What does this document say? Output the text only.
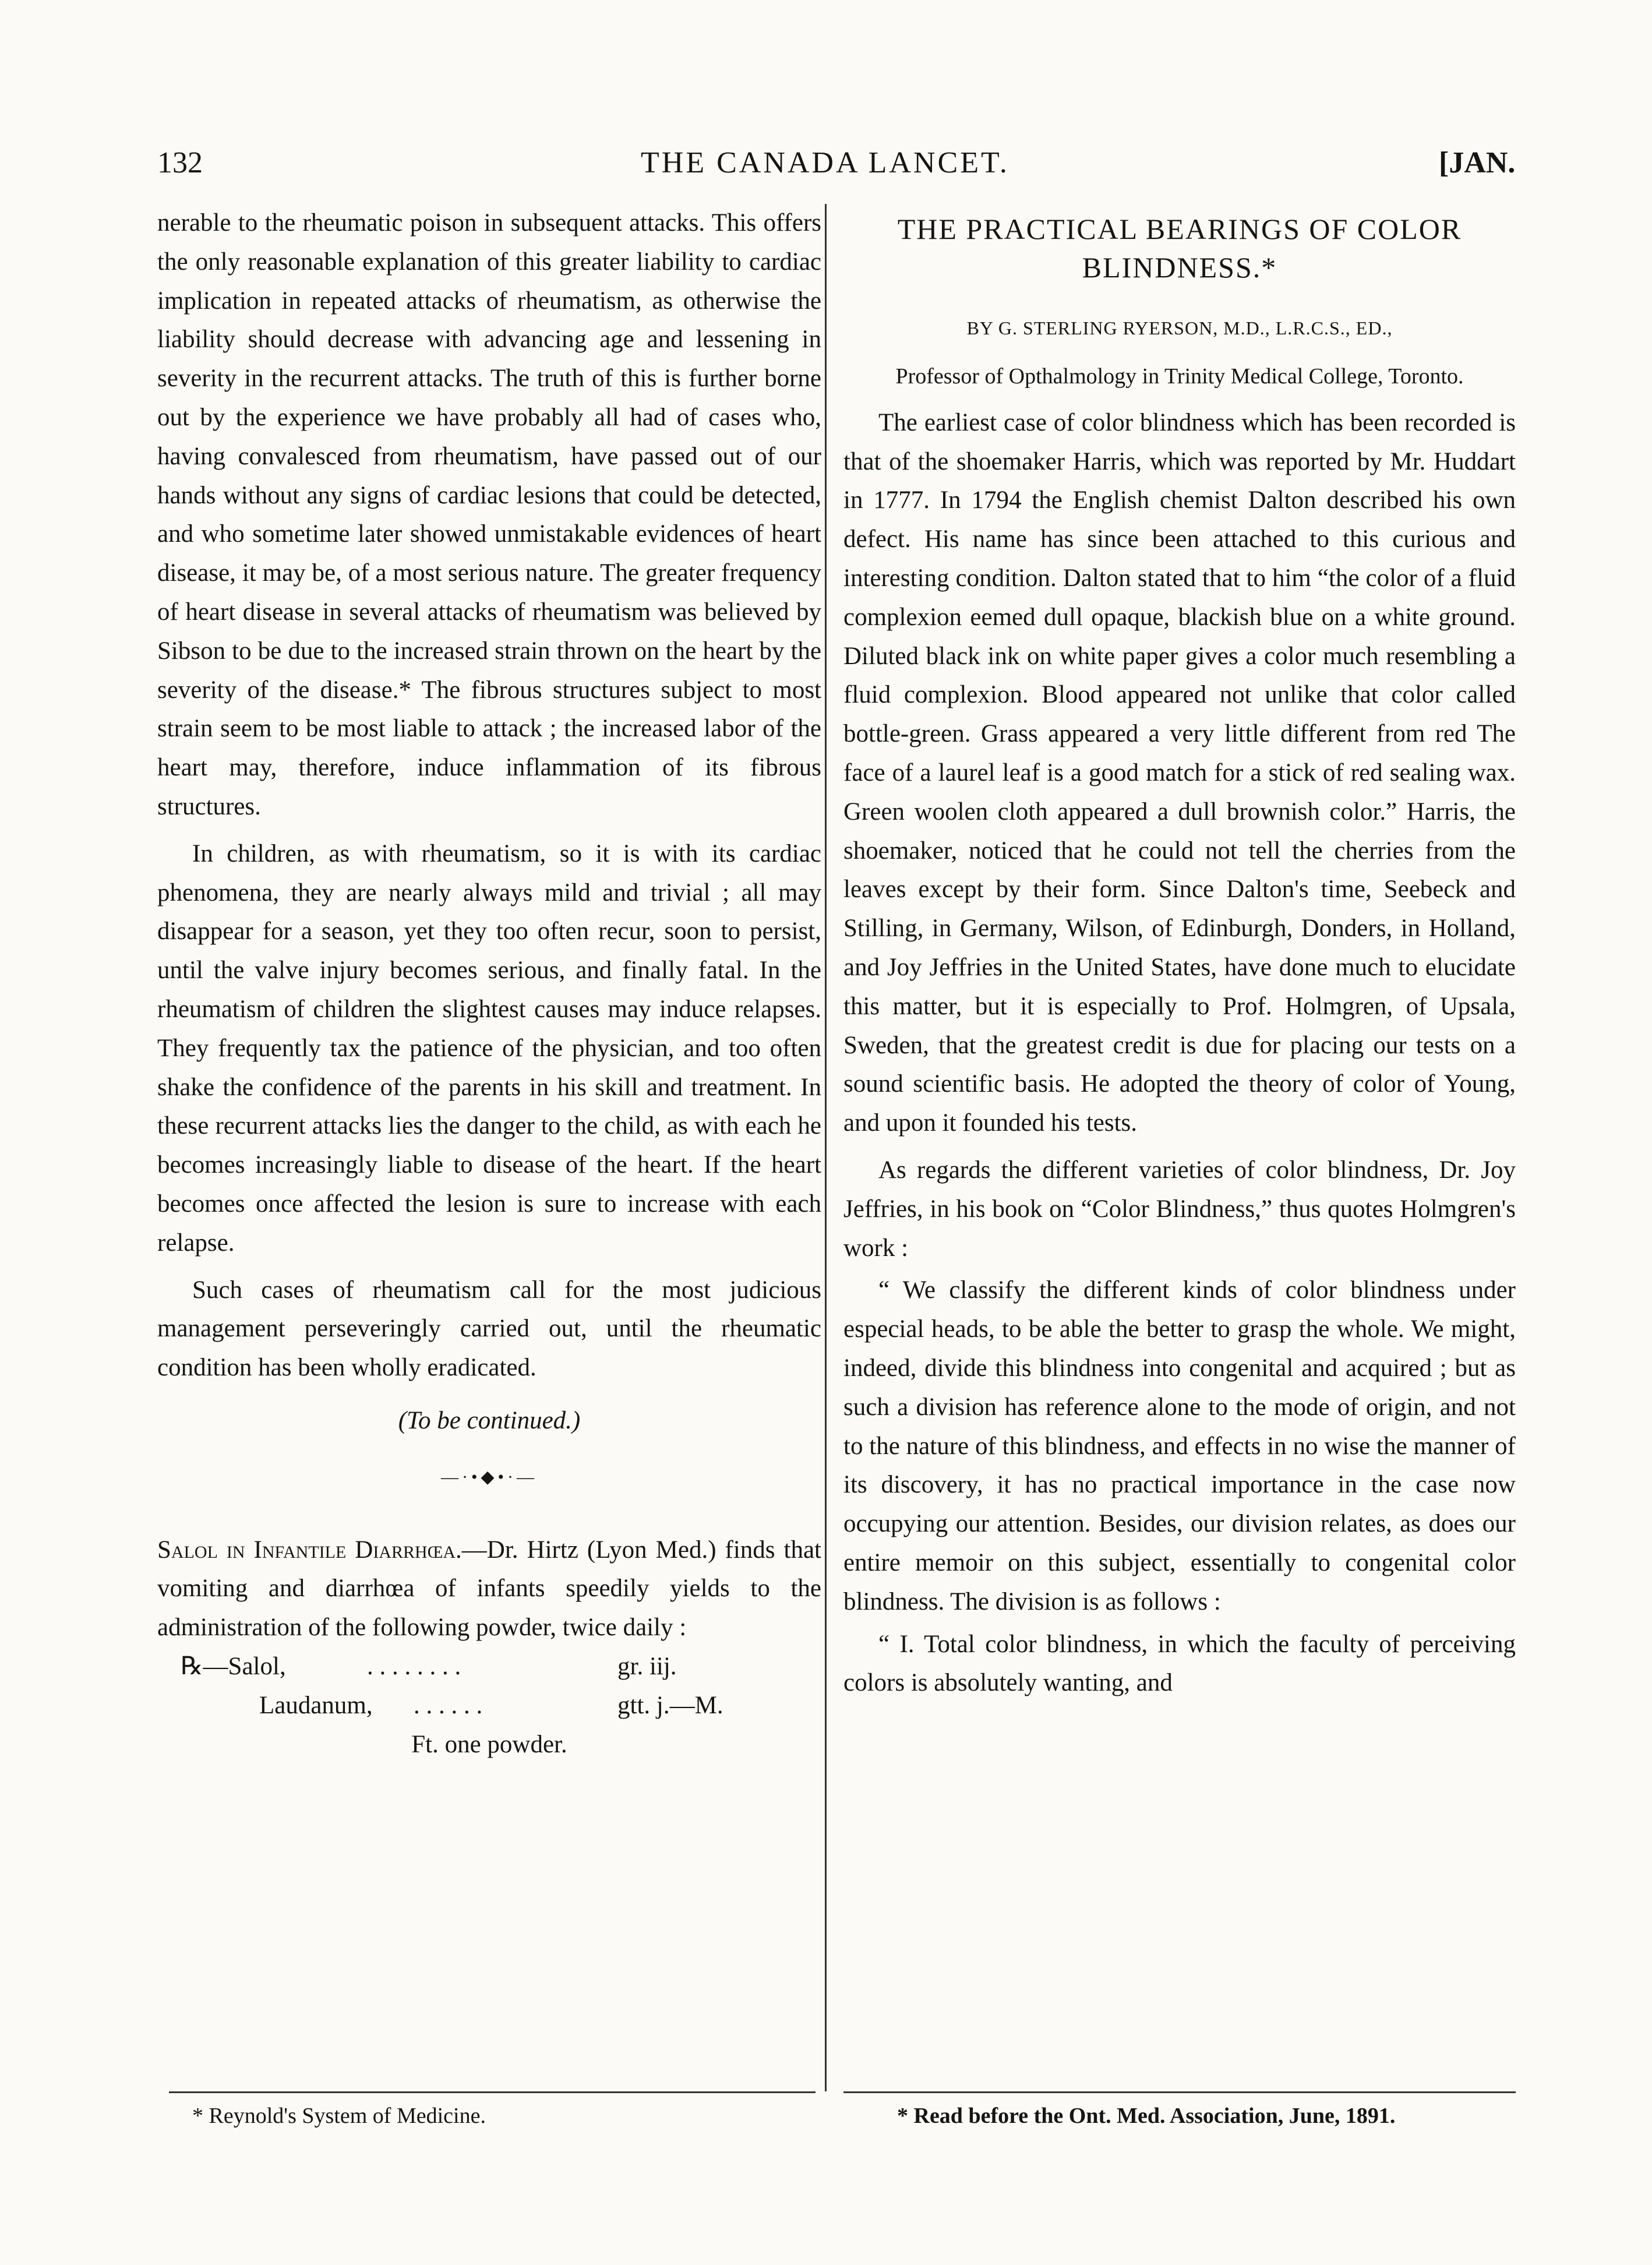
132	THE CANADA LANCET.	[JAN.

nerable to the rheumatic poison in subsequent attacks. This offers the only reasonable explanation of this greater liability to cardiac implication in repeated attacks of rheumatism, as otherwise the liability should decrease with advancing age and lessening in severity in the recurrent attacks. The truth of this is further borne out by the experience we have probably all had of cases who, having convalesced from rheumatism, have passed out of our hands without any signs of cardiac lesions that could be detected, and who sometime later showed unmistakable evidences of heart disease, it may be, of a most serious nature. The greater frequency of heart disease in several attacks of rheumatism was believed by Sibson to be due to the increased strain thrown on the heart by the severity of the disease.* The fibrous structures subject to most strain seem to be most liable to attack ; the increased labor of the heart may, therefore, induce inflammation of its fibrous structures.

In children, as with rheumatism, so it is with its cardiac phenomena, they are nearly always mild and trivial ; all may disappear for a season, yet they too often recur, soon to persist, until the valve injury becomes serious, and finally fatal. In the rheumatism of children the slightest causes may induce relapses. They frequently tax the patience of the physician, and too often shake the confidence of the parents in his skill and treatment. In these recurrent attacks lies the danger to the child, as with each he becomes increasingly liable to disease of the heart. If the heart becomes once affected the lesion is sure to increase with each relapse.

Such cases of rheumatism call for the most judicious management perseveringly carried out, until the rheumatic condition has been wholly eradicated.

(To be continued.)

—·•◆•·—

Salol in Infantile Diarrhœa.—Dr. Hirtz (Lyon Med.) finds that vomiting and diarrhœa of infants speedily yields to the administration of the following powder, twice daily :

℞—Salol,	. . . . . . . .	gr. iij.
Laudanum, . . . . . .	gtt. j.—M.

Ft. one powder.

THE PRACTICAL BEARINGS OF COLOR BLINDNESS.*
BY G. STERLING RYERSON, M.D., L.R.C.S., ED.,
Professor of Opthalmology in Trinity Medical College, Toronto.

The earliest case of color blindness which has been recorded is that of the shoemaker Harris, which was reported by Mr. Huddart in 1777. In 1794 the English chemist Dalton described his own defect. His name has since been attached to this curious and interesting condition. Dalton stated that to him “the color of a fluid complexion eemed dull opaque, blackish blue on a white ground. Diluted black ink on white paper gives a color much resembling a fluid complexion. Blood appeared not unlike that color called bottle-green. Grass appeared a very little different from red The face of a laurel leaf is a good match for a stick of red sealing wax. Green woolen cloth appeared a dull brownish color.” Harris, the shoemaker, noticed that he could not tell the cherries from the leaves except by their form. Since Dalton's time, Seebeck and Stilling, in Germany, Wilson, of Edinburgh, Donders, in Holland, and Joy Jeffries in the United States, have done much to elucidate this matter, but it is especially to Prof. Holmgren, of Upsala, Sweden, that the greatest credit is due for placing our tests on a sound scientific basis. He adopted the theory of color of Young, and upon it founded his tests.

As regards the different varieties of color blindness, Dr. Joy Jeffries, in his book on “Color Blindness,” thus quotes Holmgren's work :

“ We classify the different kinds of color blindness under especial heads, to be able the better to grasp the whole. We might, indeed, divide this blindness into congenital and acquired ; but as such a division has reference alone to the mode of origin, and not to the nature of this blindness, and effects in no wise the manner of its discovery, it has no practical importance in the case now occupying our attention. Besides, our division relates, as does our entire memoir on this subject, essentially to congenital color blindness. The division is as follows :

“ I. Total color blindness, in which the faculty of perceiving colors is absolutely wanting, and

* Reynold's System of Medicine.	* Read before the Ont. Med. Association, June, 1891.
